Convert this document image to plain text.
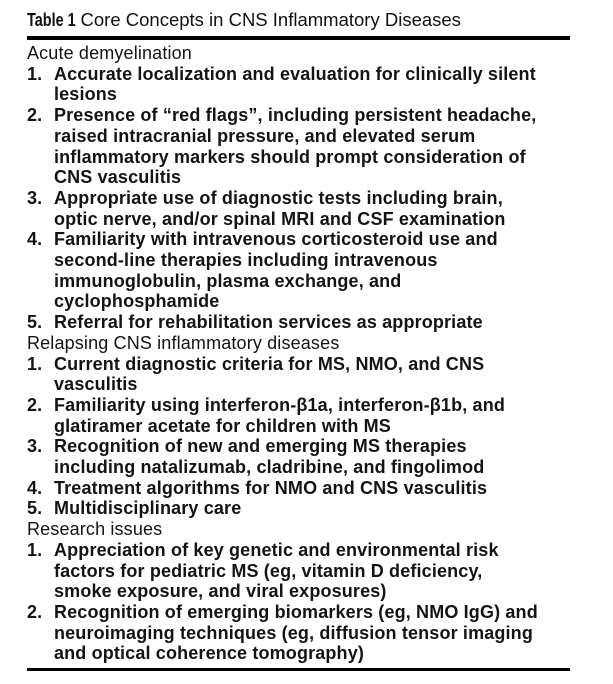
Table 1 Core Concepts in CNS Inflammatory Diseases
Acute demyelination
1. Accurate localization and evaluation for clinically silent
lesions
2. Presence of “red flags”, including persistent headache,
raised intracranial pressure, and elevated serum
inflammatory markers should prompt consideration of
CNS vasculitis
3. Appropriate use of diagnostic tests including brain,
optic nerve, and/or spinal MRI and CSF examination
4. Familiarity with intravenous corticosteroid use and
second-line therapies including intravenous
immunoglobulin, plasma exchange, and
cyclophosphamide
5. Referral for rehabilitation services as appropriate
Relapsing CNS inflammatory diseases
1. Current diagnostic criteria for MS, NMO, and CNS
vasculitis
2. Familiarity using interferon-β1a, interferon-β1b, and
glatiramer acetate for children with MS
3. Recognition of new and emerging MS therapies
including natalizumab, cladribine, and fingolimod
4. Treatment algorithms for NMO and CNS vasculitis
5. Multidisciplinary care
Research issues
1. Appreciation of key genetic and environmental risk
factors for pediatric MS (eg, vitamin D deficiency,
smoke exposure, and viral exposures)
2. Recognition of emerging biomarkers (eg, NMO IgG) and
neuroimaging techniques (eg, diffusion tensor imaging
and optical coherence tomography)
